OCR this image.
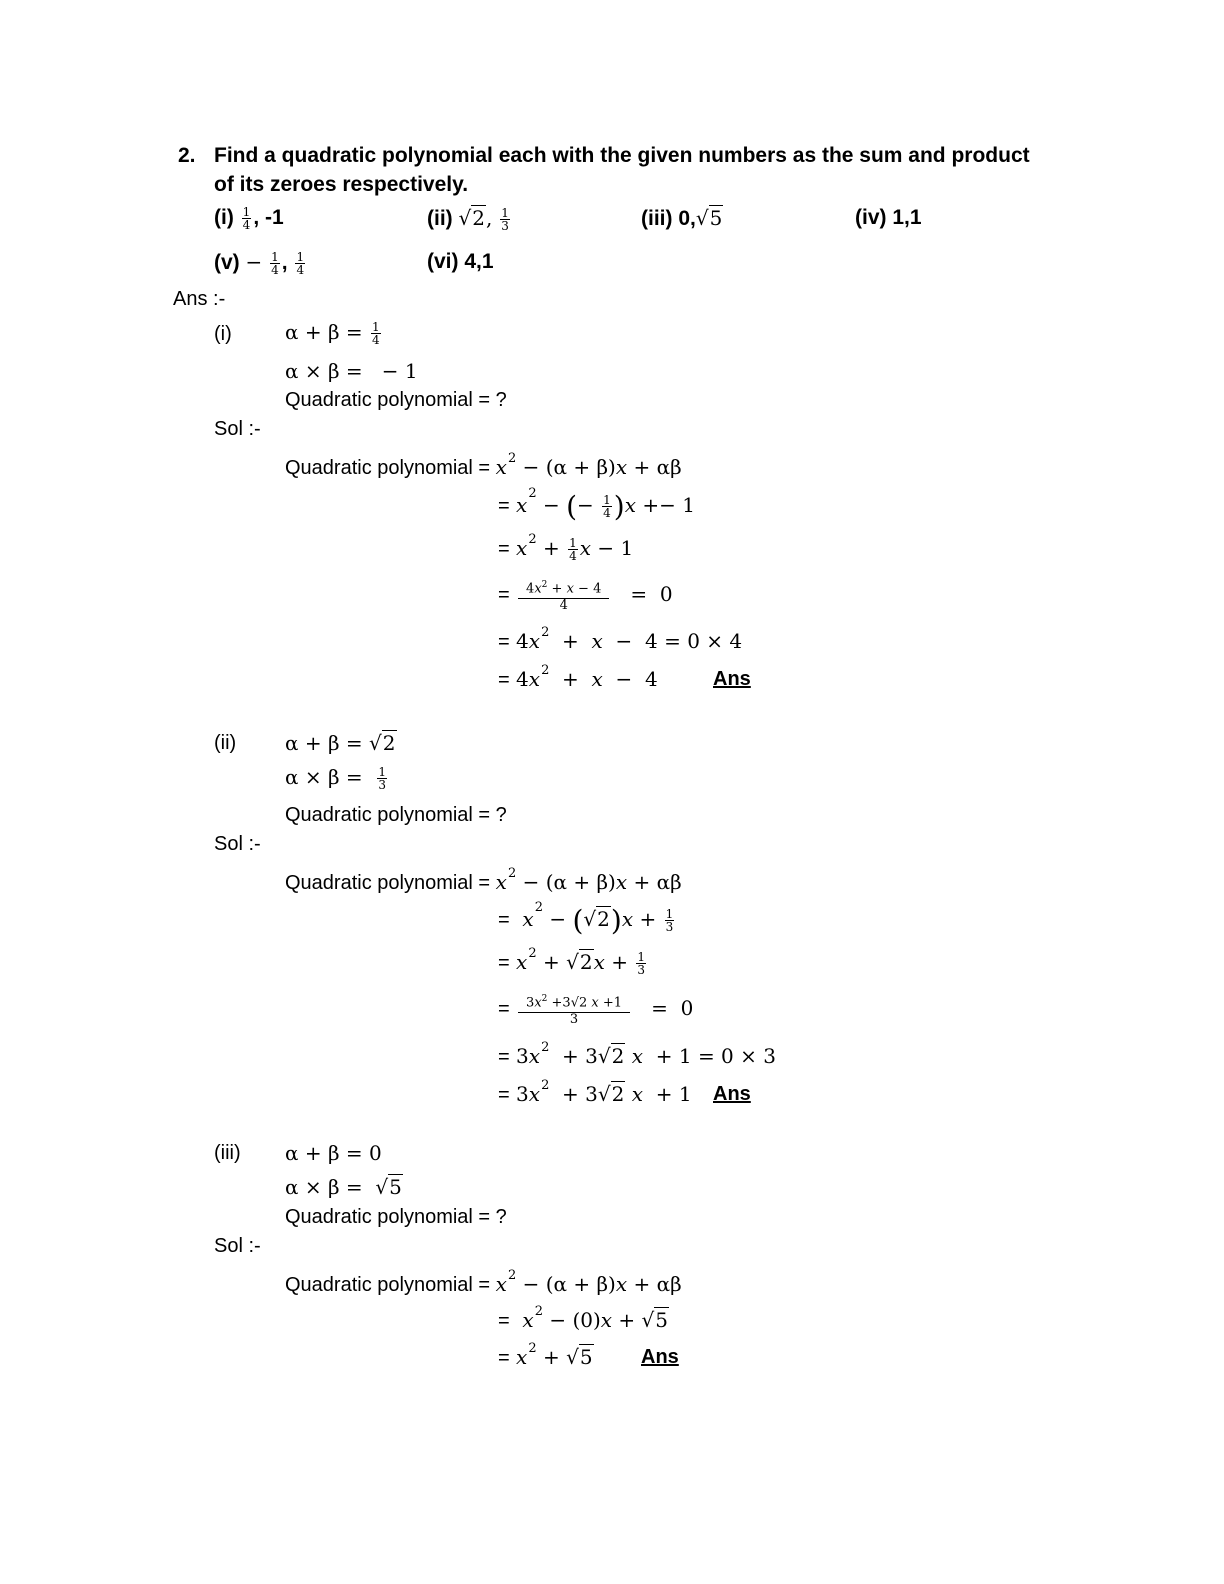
2. Find a quadratic polynomial each with the given numbers as the sum and product
of its zeroes respectively.
$(i) \frac{1}{4}$ , -1	(ii) √2, $\frac{1}{3}$	(iii) 0,√5	(iv) 1,1
$(v) - \frac{1}{4}$ , $\frac{1}{4}$	(vi) 4,1
Ans :-
(i)	$\alpha + \beta = \frac{1}{4}$
α × β =   − 1
Quadratic polynomial = ?
Sol :-
Quadratic polynomial = $x^2 - (\alpha + \beta)x + \alpha\beta$
= $x^2$ − (− $\frac{1}{4} )x +- 1$
= $x^2 + \frac{1}{4}$ x − 1
= $\frac{4x^2 + x - 4}{4} = 0$
= $4x^2 + x - 4 = 0 \times 4$
= $4x^2 + x - 4$	Ans
(ii) α + β = √2
$\alpha \times \beta = \frac{1}{3}$
Quadratic polynomial = ?
Sol :-
Quadratic polynomial = $x^2 - (\alpha + \beta)x + \alpha\beta$
= $x^2 - (√2)x + \frac{1}{3}$
= $x^2 + √2x + \frac{1}{3}$
= $\frac{3x^2 +3√2 x +1}{3} = 0$
= $3x^2 + 3√2$ x  + 1 = 0 × 3
= $3x^2 + 3√2$ x  + 1 Ans
(iii) α + β = 0
α × β =  √5
Quadratic polynomial = ?
Sol :-
Quadratic polynomial = $x^2 - (\alpha + \beta)x + \alpha\beta$
= $x^2 - (0)x + √5$
= $x^2 + √5$ Ans
